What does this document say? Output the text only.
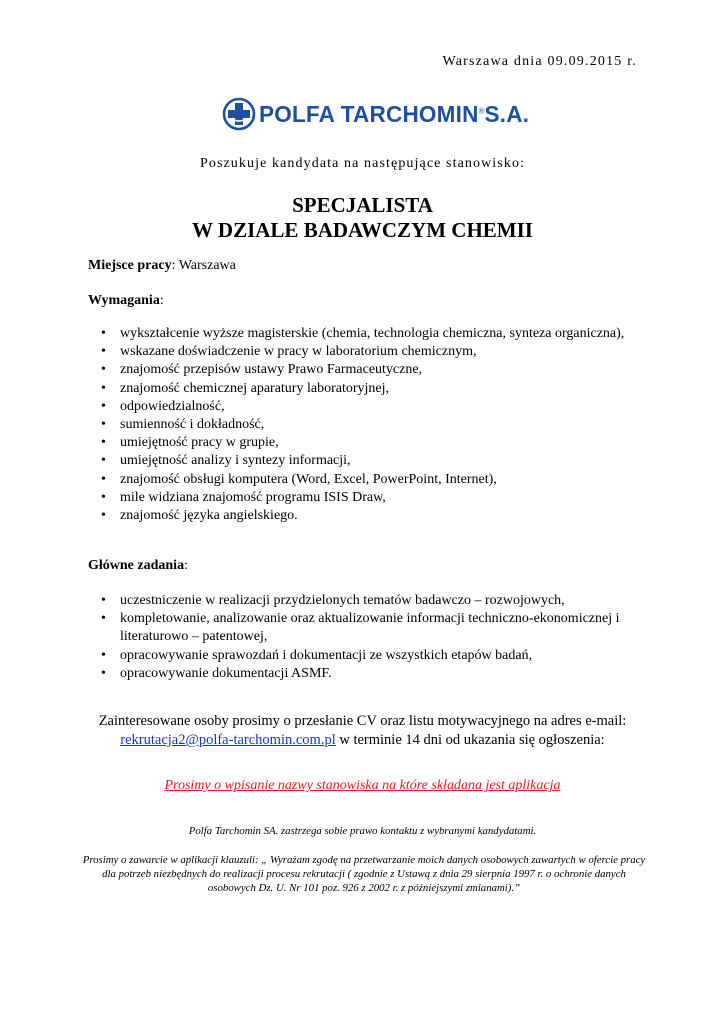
Warszawa dnia 09.09.2015 r.
POLFA TARCHOMIN®S.A.
Poszukuje kandydata na następujące stanowisko:
SPECJALISTA
W DZIALE BADAWCZYM CHEMII
Miejsce pracy: Warszawa
Wymagania:
• wykształcenie wyższe magisterskie (chemia, technologia chemiczna, synteza organiczna),
• wskazane doświadczenie w pracy w laboratorium chemicznym,
• znajomość przepisów ustawy Prawo Farmaceutyczne,
• znajomość chemicznej aparatury laboratoryjnej,
• odpowiedzialność,
• sumienność i dokładność,
• umiejętność pracy w grupie,
• umiejętność analizy i syntezy informacji,
• znajomość obsługi komputera (Word, Excel, PowerPoint, Internet),
• mile widziana znajomość programu ISIS Draw,
• znajomość języka angielskiego.
Główne zadania:
• uczestniczenie w realizacji przydzielonych tematów badawczo – rozwojowych,
• kompletowanie, analizowanie oraz aktualizowanie informacji techniczno-ekonomicznej i literaturowo – patentowej,
• opracowywanie sprawozdań i dokumentacji ze wszystkich etapów badań,
• opracowywanie dokumentacji ASMF.
Zainteresowane osoby prosimy o przesłanie CV oraz listu motywacyjnego na adres e-mail:
rekrutacja2@polfa-tarchomin.com.pl w terminie 14 dni od ukazania się ogłoszenia:
Prosimy o wpisanie nazwy stanowiska na które składana jest aplikacja
Polfa Tarchomin SA. zastrzega sobie prawo kontaktu z wybranymi kandydatami.
Prosimy o zawarcie w aplikacji klauzuli: „ Wyrażam zgodę na przetwarzanie moich danych osobowych zawartych w ofercie pracy dla potrzeb niezbędnych do realizacji procesu rekrutacji ( zgodnie z Ustawą z dnia 29 sierpnia 1997 r. o ochronie danych osobowych Dz. U. Nr 101 poz. 926 z 2002 r. z późniejszymi zmianami).”
